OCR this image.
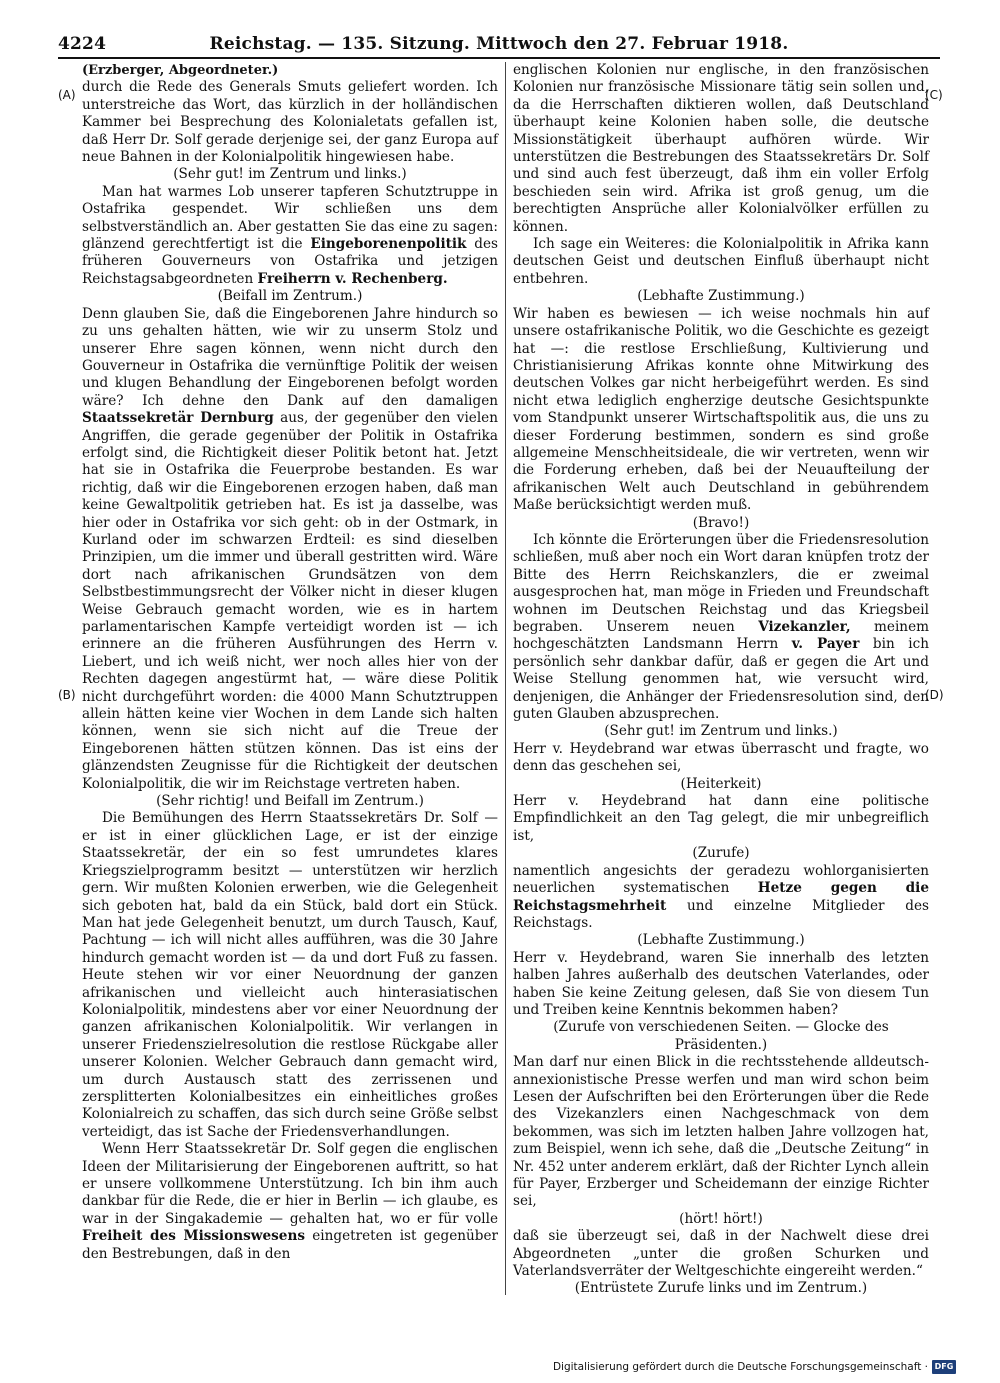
4224	Reichstag. — 135. Sitzung. Mittwoch den 27. Februar 1918.
(A)
(B)
(C)
(D)

(Erzberger, Abgeordneter.)

durch die Rede des Generals Smuts geliefert worden. Ich unterstreiche das Wort, das kürzlich in der holländischen Kammer bei Besprechung des Kolonialetats gefallen ist, daß Herr Dr. Solf gerade derjenige sei, der ganz Europa auf neue Bahnen in der Kolonialpolitik hingewiesen habe.

(Sehr gut! im Zentrum und links.)

Man hat warmes Lob unserer tapferen Schutztruppe in Ostafrika gespendet. Wir schließen uns dem selbstverständlich an. Aber gestatten Sie das eine zu sagen: glänzend gerechtfertigt ist die Eingeborenenpolitik des früheren Gouverneurs von Ostafrika und jetzigen Reichstagsabgeordneten Freiherrn v. Rechenberg.

(Beifall im Zentrum.)

Denn glauben Sie, daß die Eingeborenen Jahre hindurch so zu uns gehalten hätten, wie wir zu unserm Stolz und unserer Ehre sagen können, wenn nicht durch den Gouverneur in Ostafrika die vernünftige Politik der weisen und klugen Behandlung der Eingeborenen befolgt worden wäre? Ich dehne den Dank auf den damaligen Staatssekretär Dernburg aus, der gegenüber den vielen Angriffen, die gerade gegenüber der Politik in Ostafrika erfolgt sind, die Richtigkeit dieser Politik betont hat. Jetzt hat sie in Ostafrika die Feuerprobe bestanden. Es war richtig, daß wir die Eingeborenen erzogen haben, daß man keine Gewaltpolitik getrieben hat. Es ist ja dasselbe, was hier oder in Ostafrika vor sich geht: ob in der Ostmark, in Kurland oder im schwarzen Erdteil: es sind dieselben Prinzipien, um die immer und überall gestritten wird. Wäre dort nach afrikanischen Grundsätzen von dem Selbstbestimmungsrecht der Völker nicht in dieser klugen Weise Gebrauch gemacht worden, wie es in hartem parlamentarischen Kampfe verteidigt worden ist — ich erinnere an die früheren Ausführungen des Herrn v. Liebert, und ich weiß nicht, wer noch alles hier von der Rechten dagegen angestürmt hat, — wäre diese Politik nicht durchgeführt worden: die 4000 Mann Schutztruppen allein hätten keine vier Wochen in dem Lande sich halten können, wenn sie sich nicht auf die Treue der Eingeborenen hätten stützen können. Das ist eins der glänzendsten Zeugnisse für die Richtigkeit der deutschen Kolonialpolitik, die wir im Reichstage vertreten haben.

(Sehr richtig! und Beifall im Zentrum.)

Die Bemühungen des Herrn Staatssekretärs Dr. Solf — er ist in einer glücklichen Lage, er ist der einzige Staatssekretär, der ein so fest umrundetes klares Kriegszielprogramm besitzt — unterstützen wir herzlich gern. Wir mußten Kolonien erwerben, wie die Gelegenheit sich geboten hat, bald da ein Stück, bald dort ein Stück. Man hat jede Gelegenheit benutzt, um durch Tausch, Kauf, Pachtung — ich will nicht alles aufführen, was die 30 Jahre hindurch gemacht worden ist — da und dort Fuß zu fassen. Heute stehen wir vor einer Neuordnung der ganzen afrikanischen und vielleicht auch hinterasiatischen Kolonialpolitik, mindestens aber vor einer Neuordnung der ganzen afrikanischen Kolonialpolitik. Wir verlangen in unserer Friedenszielresolution die restlose Rückgabe aller unserer Kolonien. Welcher Gebrauch dann gemacht wird, um durch Austausch statt des zerrissenen und zersplitterten Kolonialbesitzes ein einheitliches großes Kolonialreich zu schaffen, das sich durch seine Größe selbst verteidigt, das ist Sache der Friedensverhandlungen.

Wenn Herr Staatssekretär Dr. Solf gegen die englischen Ideen der Militarisierung der Eingeborenen auftritt, so hat er unsere vollkommene Unterstützung. Ich bin ihm auch dankbar für die Rede, die er hier in Berlin — ich glaube, es war in der Singakademie — gehalten hat, wo er für volle Freiheit des Missionswesens eingetreten ist gegenüber den Bestrebungen, daß in den

englischen Kolonien nur englische, in den französischen Kolonien nur französische Missionare tätig sein sollen und, da die Herrschaften diktieren wollen, daß Deutschland überhaupt keine Kolonien haben solle, die deutsche Missionstätigkeit überhaupt aufhören würde. Wir unterstützen die Bestrebungen des Staatssekretärs Dr. Solf und sind auch fest überzeugt, daß ihm ein voller Erfolg beschieden sein wird. Afrika ist groß genug, um die berechtigten Ansprüche aller Kolonialvölker erfüllen zu können.

Ich sage ein Weiteres: die Kolonialpolitik in Afrika kann deutschen Geist und deutschen Einfluß überhaupt nicht entbehren.

(Lebhafte Zustimmung.)

Wir haben es bewiesen — ich weise nochmals hin auf unsere ostafrikanische Politik, wo die Geschichte es gezeigt hat —: die restlose Erschließung, Kultivierung und Christianisierung Afrikas konnte ohne Mitwirkung des deutschen Volkes gar nicht herbeigeführt werden. Es sind nicht etwa lediglich engherzige deutsche Gesichtspunkte vom Standpunkt unserer Wirtschaftspolitik aus, die uns zu dieser Forderung bestimmen, sondern es sind große allgemeine Menschheitsideale, die wir vertreten, wenn wir die Forderung erheben, daß bei der Neuaufteilung der afrikanischen Welt auch Deutschland in gebührendem Maße berücksichtigt werden muß.

(Bravo!)

Ich könnte die Erörterungen über die Friedensresolution schließen, muß aber noch ein Wort daran knüpfen trotz der Bitte des Herrn Reichskanzlers, die er zweimal ausgesprochen hat, man möge in Frieden und Freundschaft wohnen im Deutschen Reichstag und das Kriegsbeil begraben. Unserem neuen Vizekanzler, meinem hochgeschätzten Landsmann Herrn v. Payer bin ich persönlich sehr dankbar dafür, daß er gegen die Art und Weise Stellung genommen hat, wie versucht wird, denjenigen, die Anhänger der Friedensresolution sind, den guten Glauben abzusprechen.

(Sehr gut! im Zentrum und links.)

Herr v. Heydebrand war etwas überrascht und fragte, wo denn das geschehen sei,

(Heiterkeit)

Herr v. Heydebrand hat dann eine politische Empfindlichkeit an den Tag gelegt, die mir unbegreiflich ist,

(Zurufe)

namentlich angesichts der geradezu wohlorganisierten neuerlichen systematischen Hetze gegen die Reichstagsmehrheit und einzelne Mitglieder des Reichstags.

(Lebhafte Zustimmung.)

Herr v. Heydebrand, waren Sie innerhalb des letzten halben Jahres außerhalb des deutschen Vaterlandes, oder haben Sie keine Zeitung gelesen, daß Sie von diesem Tun und Treiben keine Kenntnis bekommen haben?

(Zurufe von verschiedenen Seiten. — Glocke des Präsidenten.)

Man darf nur einen Blick in die rechtsstehende alldeutsch-annexionistische Presse werfen und man wird schon beim Lesen der Aufschriften bei den Erörterungen über die Rede des Vizekanzlers einen Nachgeschmack von dem bekommen, was sich im letzten halben Jahre vollzogen hat, zum Beispiel, wenn ich sehe, daß die „Deutsche Zeitung“ in Nr. 452 unter anderem erklärt, daß der Richter Lynch allein für Payer, Erzberger und Scheidemann der einzige Richter sei,

(hört! hört!)

daß sie überzeugt sei, daß in der Nachwelt diese drei Abgeordneten „unter die großen Schurken und Vaterlandsverräter der Weltgeschichte eingereiht werden.“

(Entrüstete Zurufe links und im Zentrum.)

Digitalisierung gefördert durch die Deutsche Forschungsgemeinschaft · DFG
